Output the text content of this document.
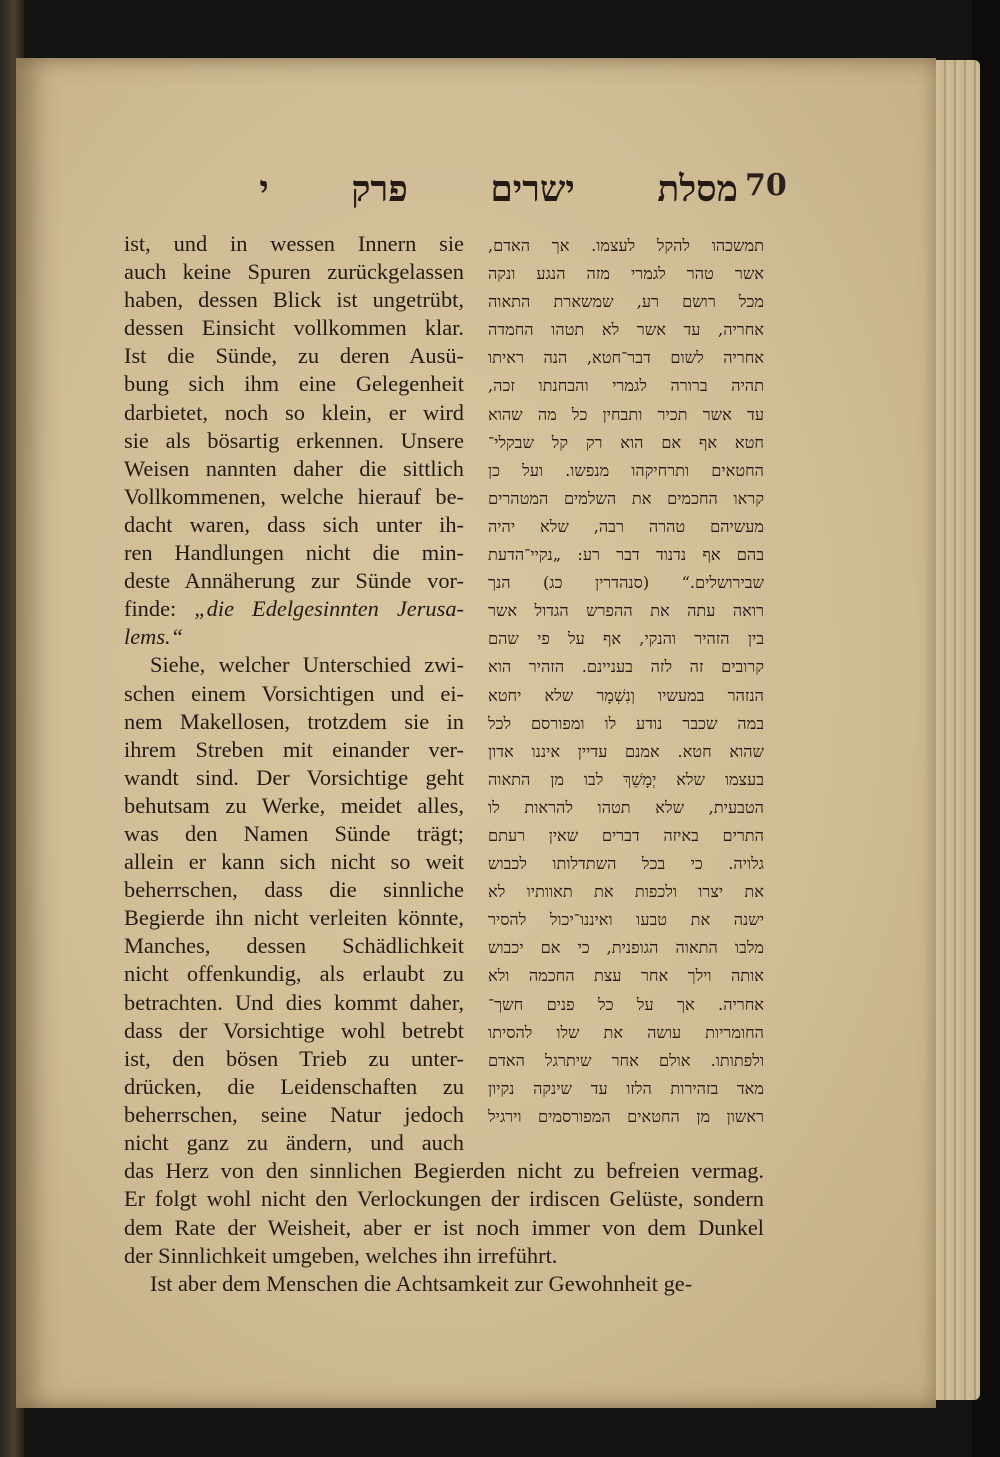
70
מסלת ישרים פרק י
ist, und in wessen Innern sie
auch keine Spuren zurückgelassen
haben, dessen Blick ist ungetrübt,
dessen Einsicht vollkommen klar.
Ist die Sünde, zu deren Ausü-
bung sich ihm eine Gelegenheit
darbietet, noch so klein, er wird
sie als bösartig erkennen. Unsere
Weisen nannten daher die sittlich
Vollkommenen, welche hierauf be-
dacht waren, dass sich unter ih-
ren Handlungen nicht die min-
deste Annäherung zur Sünde vor-
finde: „die Edelgesinnten Jerusa-
lems.“
Siehe, welcher Unterschied zwi-
schen einem Vorsichtigen und ei-
nem Makellosen, trotzdem sie in
ihrem Streben mit einander ver-
wandt sind. Der Vorsichtige geht
behutsam zu Werke, meidet alles,
was den Namen Sünde trägt;
allein er kann sich nicht so weit
beherrschen, dass die sinnliche
Begierde ihn nicht verleiten könnte,
Manches, dessen Schädlichkeit
nicht offenkundig, als erlaubt zu
betrachten. Und dies kommt daher,
dass der Vorsichtige wohl betrebt
ist, den bösen Trieb zu unter-
drücken, die Leidenschaften zu
beherrschen, seine Natur jedoch
nicht ganz zu ändern, und auch
תמשכהו להקל לעצמו. אך האדם,
אשר טהר לגמרי מזה הנגע ונקה
מכל רושם רע, שמשארת התאוה
אחריה, עד אשר לא תטהו החמדה
אחריה לשום דבר־חטא, הנה ראיתו
תהיה ברורה לגמרי והבחנתו זכה,
עד אשר תכיר ותבחין כל מה שהוא
חטא אף אם הוא רק קל שבקלי־
החטאים ותרחיקהו מנפשו. ועל כן
קראו החכמים את השלמים המטהרים
מעשיהם טהרה רבה, שלא יהיה
בהם אף נדנוד דבר רע: „נקיי־הדעת
שבירושלים.“ (סנהדרין כג) הנך
רואה עתה את ההפרש הגדול אשר
בין הזהיר והנקי, אף על פי שהם
קרובים זה לזה בעניינם. הזהיר הוא
הנזהר במעשיו וְנִשְׁמָר שלא יחטא
במה שכבר נודע לו ומפורסם לכל
שהוא חטא. אמנם עדיין איננו אדון
בעצמו שלא יְמָשֵׁךְ לבו מן התאוה
הטבעית, שלא תטהו להראות לו
התרים באיזה דברים שאין רעתם
גלויה. כי בכל השתדלותו לכבוש
את יצרו ולכפות את תאוותיו לא
ישנה את טבעו ואיננו־יכול להסיר
מלבו התאוה הגופנית, כי אם יכבוש
אותה וילך אחר עצת החכמה ולא
אחריה. אך על כל פנים חשך־
החומריות עושה את שלו להסיתו
ולפתותו. אולם אחר שיתרגל האדם
מאד בזהירות הלזו עד שינקה נקיון
ראשון מן החטאים המפורסמים וירגיל
das Herz von den sinnlichen Begierden nicht zu befreien vermag.
Er folgt wohl nicht den Verlockungen der irdiscen Gelüste, sondern
dem Rate der Weisheit, aber er ist noch immer von dem Dunkel
der Sinnlichkeit umgeben, welches ihn irreführt.
Ist aber dem Menschen die Achtsamkeit zur Gewohnheit ge-
